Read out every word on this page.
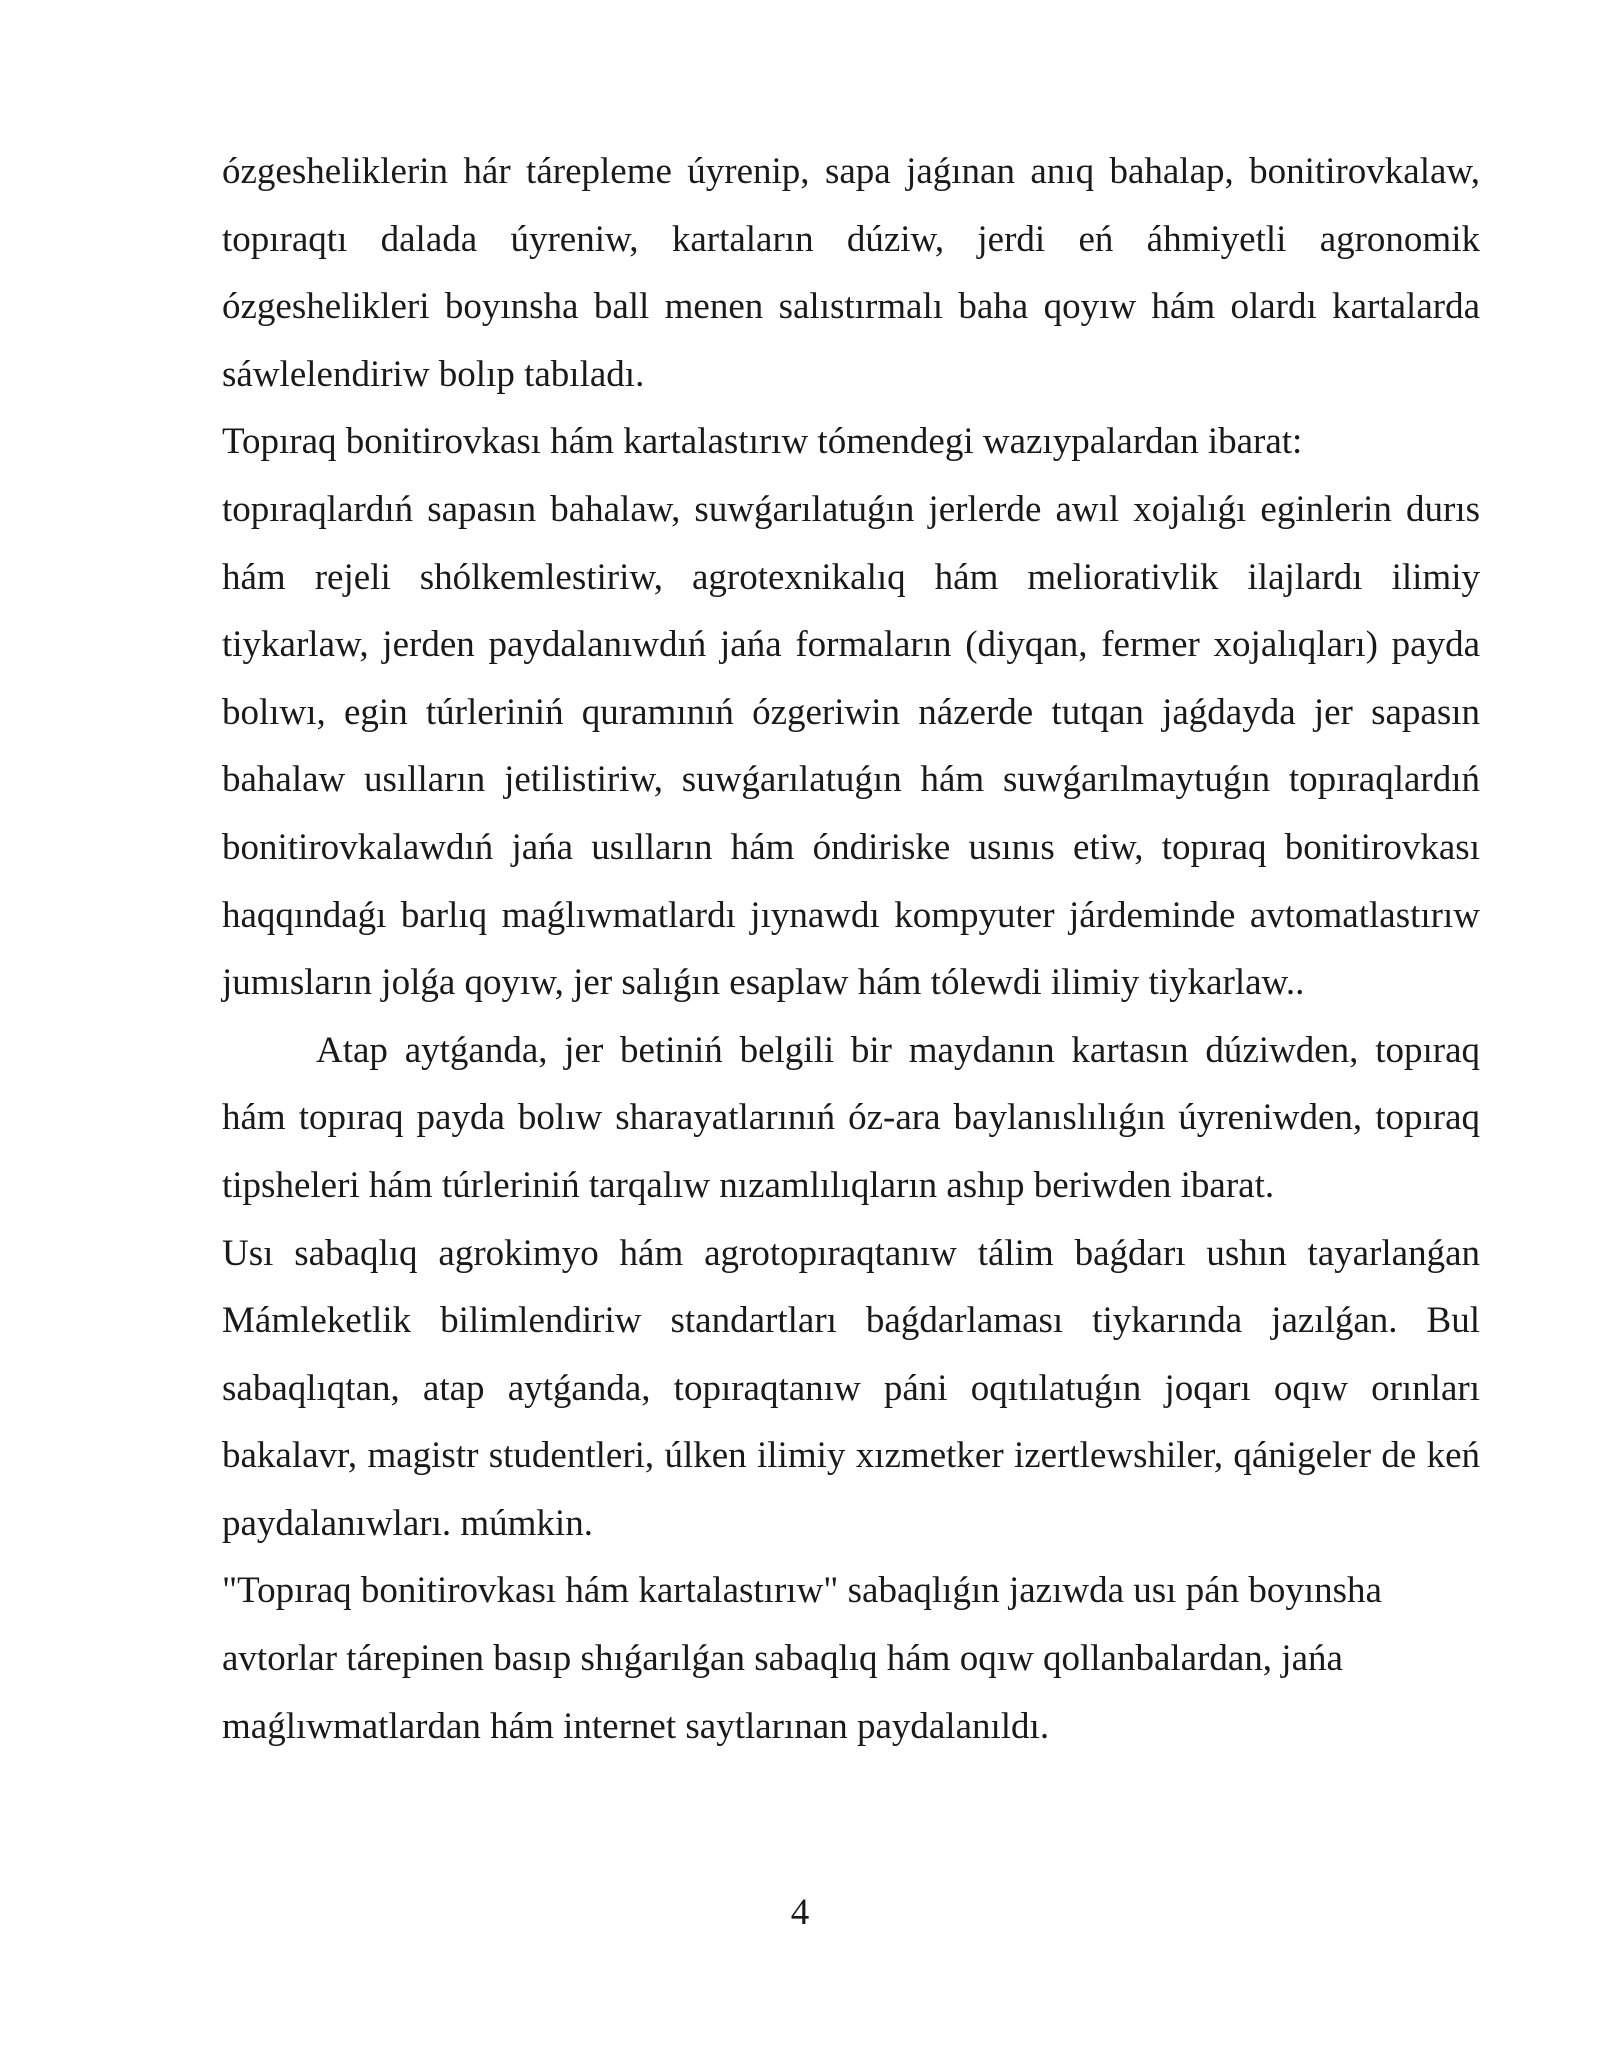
ózgesheliklerin hár tárepleme úyrenip, sapa jaǵınan anıq bahalap, bonitirovkalaw, topıraqtı dalada úyreniw, kartaların dúziw, jerdi eń áhmiyetli agronomik ózgeshelikleri boyınsha ball menen salıstırmalı baha qoyıw hám olardı kartalarda sáwlelendiriw bolıp tabıladı.

Topıraq bonitirovkası hám kartalastırıw tómendegi wazıypalardan ibarat:

topıraqlardıń sapasın bahalaw, suwǵarılatuǵın jerlerde awıl xojalıǵı eginlerin durıs hám rejeli shólkemlestiriw, agrotexnikalıq hám meliorativlik ilajlardı ilimiy tiykarlaw, jerden paydalanıwdıń jańa formaların (diyqan, fermer xojalıqları) payda bolıwı, egin túrleriniń quramınıń ózgeriwin názerde tutqan jaǵdayda jer sapasın bahalaw usılların jetilistiriw, suwǵarılatuǵın hám suwǵarılmaytuǵın topıraqlardıń bonitirovkalawdıń jańa usılların hám óndiriske usınıs etiw, topıraq bonitirovkası haqqındaǵı barlıq maǵlıwmatlardı jıynawdı kompyuter járdeminde avtomatlastırıw jumısların jolǵa qoyıw, jer salıǵın esaplaw hám tólewdi ilimiy tiykarlaw..

Atap aytǵanda, jer betiniń belgili bir maydanın kartasın dúziwden, topıraq hám topıraq payda bolıw sharayatlarınıń óz-ara baylanıslılıǵın úyreniwden, topıraq tipsheleri hám túrleriniń tarqalıw nızamlılıqların ashıp beriwden ibarat.

Usı sabaqlıq agrokimyo hám agrotopıraqtanıw tálim baǵdarı ushın tayarlanǵan Mámleketlik bilimlendiriw standartları baǵdarlaması tiykarında jazılǵan. Bul sabaqlıqtan, atap aytǵanda, topıraqtanıw páni oqıtılatuǵın joqarı oqıw orınları bakalavr, magistr studentleri, úlken ilimiy xızmetker izertlewshiler, qánigeler de keń paydalanıwları. múmkin.

"Topıraq bonitirovkası hám kartalastırıw" sabaqlıǵın jazıwda usı pán boyınsha avtorlar tárepinen basıp shıǵarılǵan sabaqlıq hám oqıw qollanbalardan, jańa maǵlıwmatlardan hám internet saytlarınan paydalanıldı.

4
